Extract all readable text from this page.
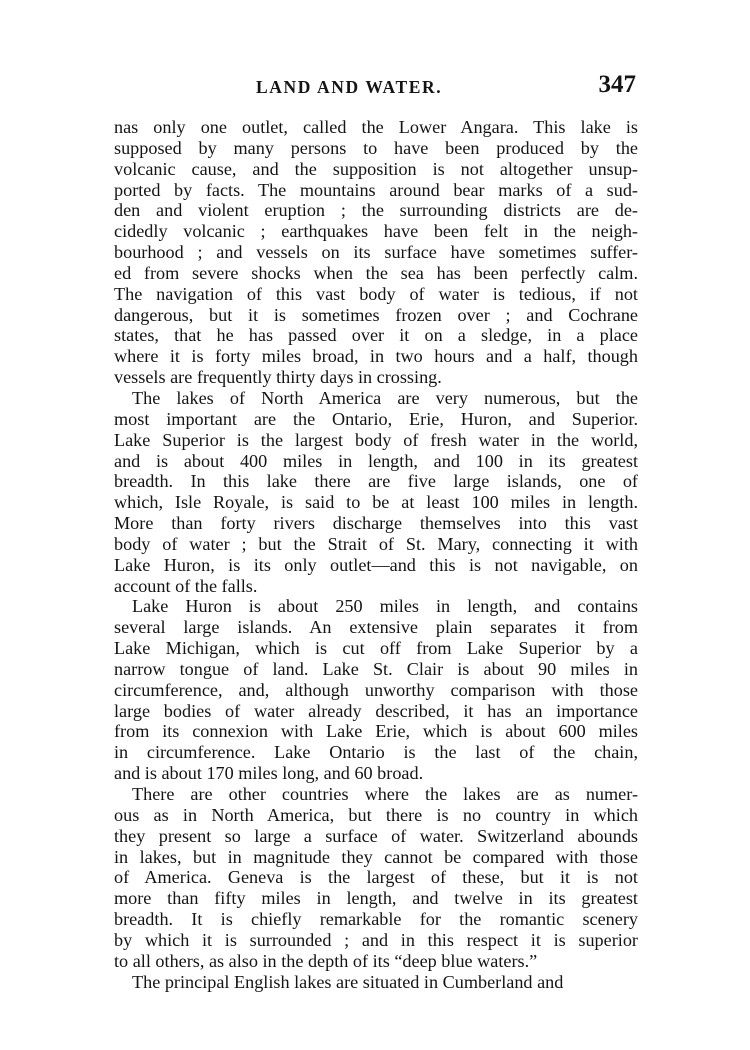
LAND AND WATER.	347
nas only one outlet, called the Lower Angara. This lake is
supposed by many persons to have been produced by the
volcanic cause, and the supposition is not altogether unsup-
ported by facts. The mountains around bear marks of a sud-
den and violent eruption ; the surrounding districts are de-
cidedly volcanic ; earthquakes have been felt in the neigh-
bourhood ; and vessels on its surface have sometimes suffer-
ed from severe shocks when the sea has been perfectly calm.
The navigation of this vast body of water is tedious, if not
dangerous, but it is sometimes frozen over ; and Cochrane
states, that he has passed over it on a sledge, in a place
where it is forty miles broad, in two hours and a half, though
vessels are frequently thirty days in crossing.
The lakes of North America are very numerous, but the
most important are the Ontario, Erie, Huron, and Superior.
Lake Superior is the largest body of fresh water in the world,
and is about 400 miles in length, and 100 in its greatest
breadth. In this lake there are five large islands, one of
which, Isle Royale, is said to be at least 100 miles in length.
More than forty rivers discharge themselves into this vast
body of water ; but the Strait of St. Mary, connecting it with
Lake Huron, is its only outlet—and this is not navigable, on
account of the falls.
Lake Huron is about 250 miles in length, and contains
several large islands. An extensive plain separates it from
Lake Michigan, which is cut off from Lake Superior by a
narrow tongue of land. Lake St. Clair is about 90 miles in
circumference, and, although unworthy comparison with those
large bodies of water already described, it has an importance
from its connexion with Lake Erie, which is about 600 miles
in circumference. Lake Ontario is the last of the chain,
and is about 170 miles long, and 60 broad.
There are other countries where the lakes are as numer-
ous as in North America, but there is no country in which
they present so large a surface of water. Switzerland abounds
in lakes, but in magnitude they cannot be compared with those
of America. Geneva is the largest of these, but it is not
more than fifty miles in length, and twelve in its greatest
breadth. It is chiefly remarkable for the romantic scenery
by which it is surrounded ; and in this respect it is superior
to all others, as also in the depth of its “deep blue waters.”
The principal English lakes are situated in Cumberland and
